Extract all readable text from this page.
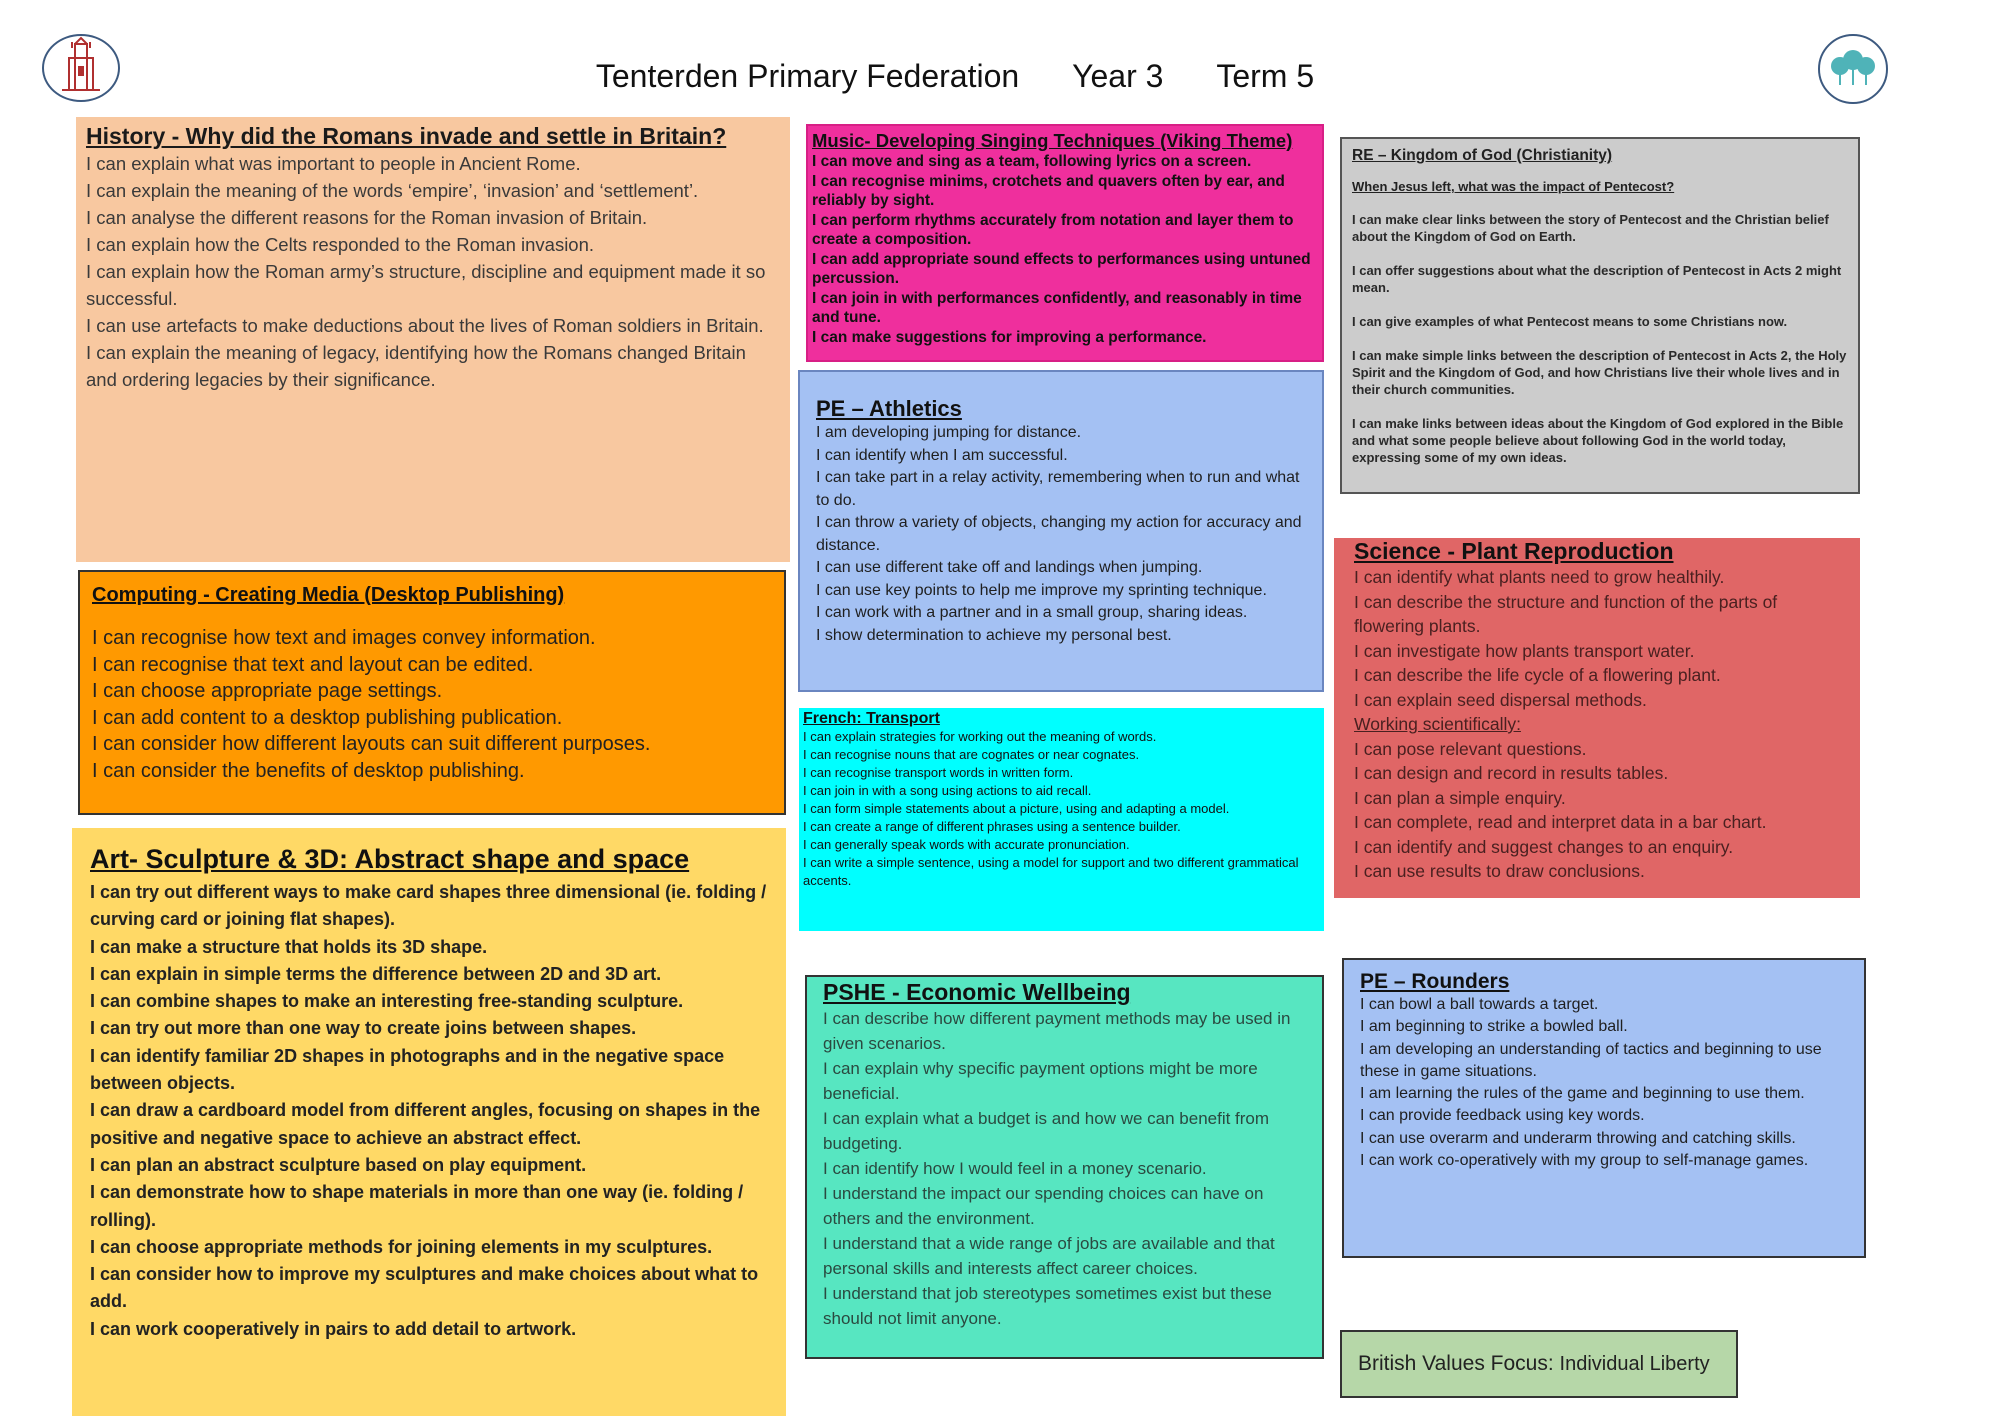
Tenterden Primary Federation Year 3 Term 5
History - Why did the Romans invade and settle in Britain?
I can explain what was important to people in Ancient Rome.
I can explain the meaning of the words ‘empire’, ‘invasion’ and ‘settlement’.
I can analyse the different reasons for the Roman invasion of Britain.
I can explain how the Celts responded to the Roman invasion.
I can explain how the Roman army’s structure, discipline and equipment made it so successful.
I can use artefacts to make deductions about the lives of Roman soldiers in Britain.
I can explain the meaning of legacy, identifying how the Romans changed Britain and ordering legacies by their significance.
Music- Developing Singing Techniques (Viking Theme)
I can move and sing as a team, following lyrics on a screen.
I can recognise minims, crotchets and quavers often by ear, and reliably by sight.
I can perform rhythms accurately from notation and layer them to create a composition.
I can add appropriate sound effects to performances using untuned percussion.
I can join in with performances confidently, and reasonably in time and tune.
I can make suggestions for improving a performance.
RE – Kingdom of God (Christianity)
When Jesus left, what was the impact of Pentecost?
I can make clear links between the story of Pentecost and the Christian belief about the Kingdom of God on Earth.
I can offer suggestions about what the description of Pentecost in Acts 2 might mean.
I can give examples of what Pentecost means to some Christians now.
I can make simple links between the description of Pentecost in Acts 2, the Holy Spirit and the Kingdom of God, and how Christians live their whole lives and in their church communities.
I can make links between ideas about the Kingdom of God explored in the Bible and what some people believe about following God in the world today, expressing some of my own ideas.
PE – Athletics
I am developing jumping for distance.
I can identify when I am successful.
I can take part in a relay activity, remembering when to run and what to do.
I can throw a variety of objects, changing my action for accuracy and distance.
I can use different take off and landings when jumping.
I can use key points to help me improve my sprinting technique.
I can work with a partner and in a small group, sharing ideas.
I show determination to achieve my personal best.
Science - Plant Reproduction
I can identify what plants need to grow healthily.
I can describe the structure and function of the parts of flowering plants.
I can investigate how plants transport water.
I can describe the life cycle of a flowering plant.
I can explain seed dispersal methods.
Working scientifically:
I can pose relevant questions.
I can design and record in results tables.
I can plan a simple enquiry.
I can complete, read and interpret data in a bar chart.
I can identify and suggest changes to an enquiry.
I can use results to draw conclusions.
Computing - Creating Media (Desktop Publishing)
I can recognise how text and images convey information.
I can recognise that text and layout can be edited.
I can choose appropriate page settings.
I can add content to a desktop publishing publication.
I can consider how different layouts can suit different purposes.
I can consider the benefits of desktop publishing.
French: Transport
I can explain strategies for working out the meaning of words.
I can recognise nouns that are cognates or near cognates.
I can recognise transport words in written form.
I can join in with a song using actions to aid recall.
I can form simple statements about a picture, using and adapting a model.
I can create a range of different phrases using a sentence builder.
I can generally speak words with accurate pronunciation.
I can write a simple sentence, using a model for support and two different grammatical accents.
Art- Sculpture & 3D: Abstract shape and space
I can try out different ways to make card shapes three dimensional (ie. folding / curving card or joining flat shapes).
I can make a structure that holds its 3D shape.
I can explain in simple terms the difference between 2D and 3D art.
I can combine shapes to make an interesting free-standing sculpture.
I can try out more than one way to create joins between shapes.
I can identify familiar 2D shapes in photographs and in the negative space between objects.
I can draw a cardboard model from different angles, focusing on shapes in the positive and negative space to achieve an abstract effect.
I can plan an abstract sculpture based on play equipment.
I can demonstrate how to shape materials in more than one way (ie. folding / rolling).
I can choose appropriate methods for joining elements in my sculptures.
I can consider how to improve my sculptures and make choices about what to add.
I can work cooperatively in pairs to add detail to artwork.
PSHE - Economic Wellbeing
I can describe how different payment methods may be used in given scenarios.
I can explain why specific payment options might be more beneficial.
I can explain what a budget is and how we can benefit from budgeting.
I can identify how I would feel in a money scenario.
I understand the impact our spending choices can have on others and the environment.
I understand that a wide range of jobs are available and that personal skills and interests affect career choices.
I understand that job stereotypes sometimes exist but these should not limit anyone.
PE – Rounders
I can bowl a ball towards a target.
I am beginning to strike a bowled ball.
I am developing an understanding of tactics and beginning to use these in game situations.
I am learning the rules of the game and beginning to use them.
I can provide feedback using key words.
I can use overarm and underarm throwing and catching skills.
I can work co-operatively with my group to self-manage games.
British Values Focus:
Individual Liberty
